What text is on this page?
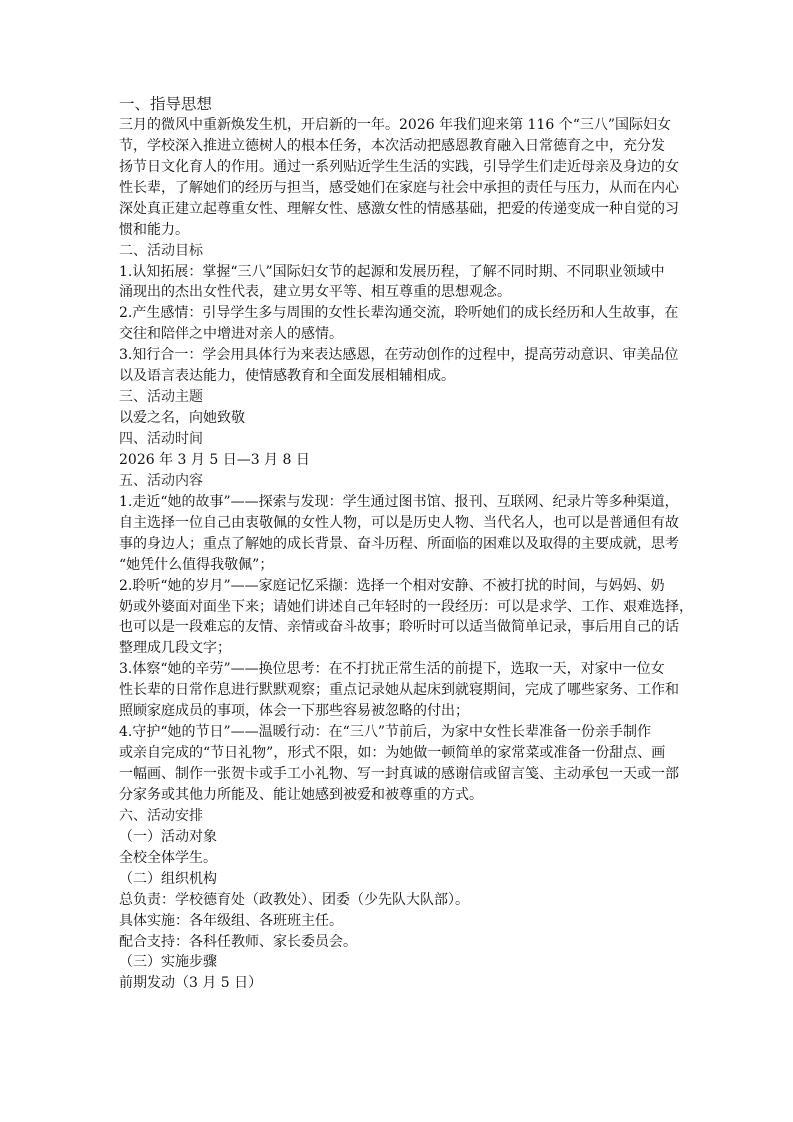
一、指导思想
三月的微风中重新焕发生机，开启新的一年。2026 年我们迎来第 116 个“三八”国际妇女
节，学校深入推进立德树人的根本任务，本次活动把感恩教育融入日常德育之中，充分发
扬节日文化育人的作用。通过一系列贴近学生生活的实践，引导学生们走近母亲及身边的女
性长辈，了解她们的经历与担当，感受她们在家庭与社会中承担的责任与压力，从而在内心
深处真正建立起尊重女性、理解女性、感激女性的情感基础，把爱的传递变成一种自觉的习
惯和能力。
二、活动目标
1.认知拓展：掌握“三八”国际妇女节的起源和发展历程，了解不同时期、不同职业领域中
涌现出的杰出女性代表，建立男女平等、相互尊重的思想观念。
2.产生感情：引导学生多与周围的女性长辈沟通交流，聆听她们的成长经历和人生故事，在
交往和陪伴之中增进对亲人的感情。
3.知行合一：学会用具体行为来表达感恩，在劳动创作的过程中，提高劳动意识、审美品位
以及语言表达能力，使情感教育和全面发展相辅相成。
三、活动主题
以爱之名，向她致敬
四、活动时间
2026 年 3 月 5 日—3 月 8 日
五、活动内容
1.走近“她的故事”——探索与发现：学生通过图书馆、报刊、互联网、纪录片等多种渠道，
自主选择一位自己由衷敬佩的女性人物，可以是历史人物、当代名人，也可以是普通但有故
事的身边人；重点了解她的成长背景、奋斗历程、所面临的困难以及取得的主要成就，思考
“她凭什么值得我敬佩”；
2.聆听“她的岁月”——家庭记忆采撷：选择一个相对安静、不被打扰的时间，与妈妈、奶
奶或外婆面对面坐下来；请她们讲述自己年轻时的一段经历：可以是求学、工作、艰难选择，
也可以是一段难忘的友情、亲情或奋斗故事；聆听时可以适当做简单记录，事后用自己的话
整理成几段文字；
3.体察“她的辛劳”——换位思考：在不打扰正常生活的前提下，选取一天，对家中一位女
性长辈的日常作息进行默默观察；重点记录她从起床到就寝期间，完成了哪些家务、工作和
照顾家庭成员的事项，体会一下那些容易被忽略的付出；
4.守护“她的节日”——温暖行动：在“三八”节前后，为家中女性长辈准备一份亲手制作
或亲自完成的“节日礼物”，形式不限，如：为她做一顿简单的家常菜或准备一份甜点、画
一幅画、制作一张贺卡或手工小礼物、写一封真诚的感谢信或留言笺、主动承包一天或一部
分家务或其他力所能及、能让她感到被爱和被尊重的方式。
六、活动安排
（一）活动对象
全校全体学生。
（二）组织机构
总负责：学校德育处（政教处）、团委（少先队大队部）。
具体实施：各年级组、各班班主任。
配合支持：各科任教师、家长委员会。
（三）实施步骤
前期发动（3 月 5 日）
